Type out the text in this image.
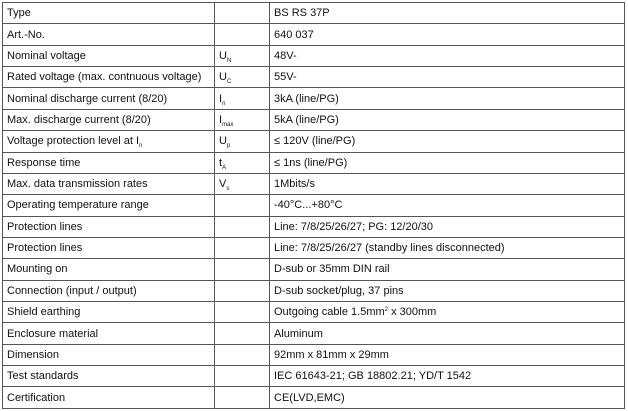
Type		BS RS 37P
Art.-No.		640 037
Nominal voltage	$U_N$	48V-
Rated voltage (max. contnuous voltage)	$U_C$	55V-
Nominal discharge current (8/20)	$I_n$	3kA (line/PG)
Max. discharge current (8/20)	$I_{max}$	5kA (line/PG)
Voltage protection level at $I_n$	$U_p$	≤ 120V (line/PG)
Response time	$t_A$	≤ 1ns (line/PG)
Max. data transmission rates	$V_s$	1Mbits/s
Operating temperature range		-40°C...+80°C
Protection lines		Line: 7/8/25/26/27; PG: 12/20/30
Protection lines		Line: 7/8/25/26/27 (standby lines disconnected)
Mounting on		D-sub or 35mm DIN rail
Connection (input / output)		D-sub socket/plug, 37 pins
Shield earthing		Outgoing cable $1.5mm^2$ x 300mm
Enclosure material		Aluminum
Dimension		92mm x 81mm x 29mm
Test standards		IEC 61643-21; GB 18802.21; YD/T 1542
Certification		CE(LVD,EMC)
